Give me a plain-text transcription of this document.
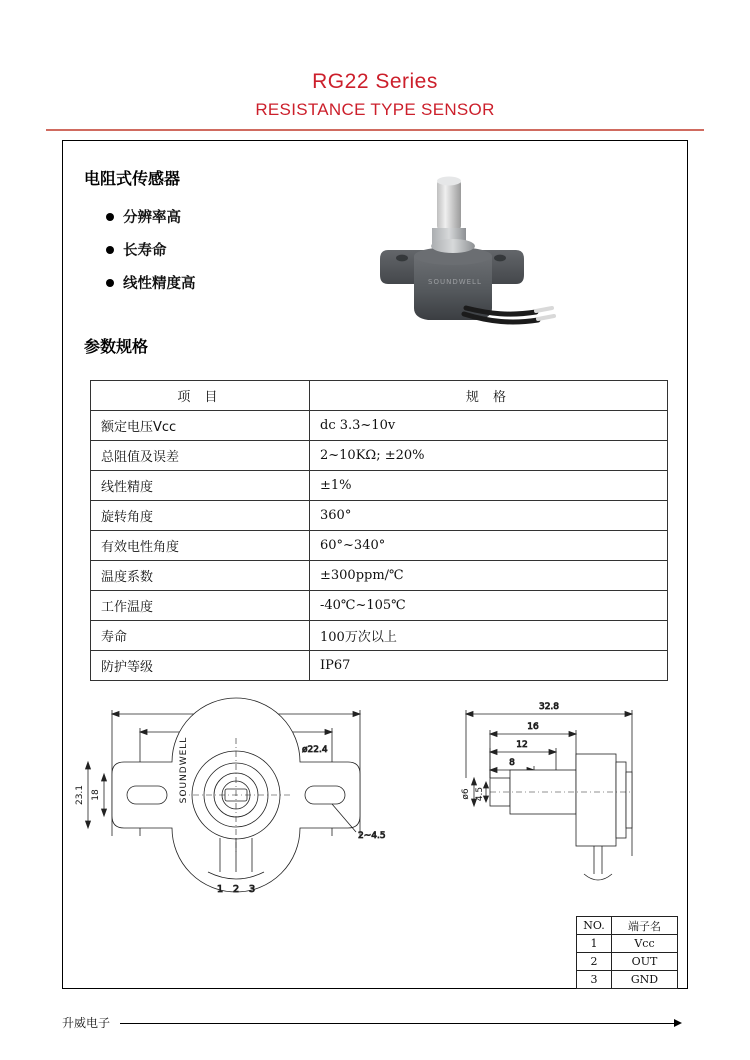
RG22 Series
RESISTANCE TYPE SENSOR
电阻式传感器
分辨率高
长寿命
线性精度高	SOUNDWELL
参数规格
项 目	规 格
额定电压Vcc	dc 3.3~10v
总阻值及误差	2~10KΩ; ±20%
线性精度	±1%
旋转角度	360°
有效电性角度	60°~340°
温度系数	±300ppm/℃
工作温度	-40℃~105℃
寿命	100万次以上
防护等级	IP67
ø22.4
2~4.5
1 2 3
32.8
16
12
8
23.1 18	SOUNDWELL	ø6 4.5
NO.	端子名
1	Vcc
2	OUT
3	GND
升威电子
